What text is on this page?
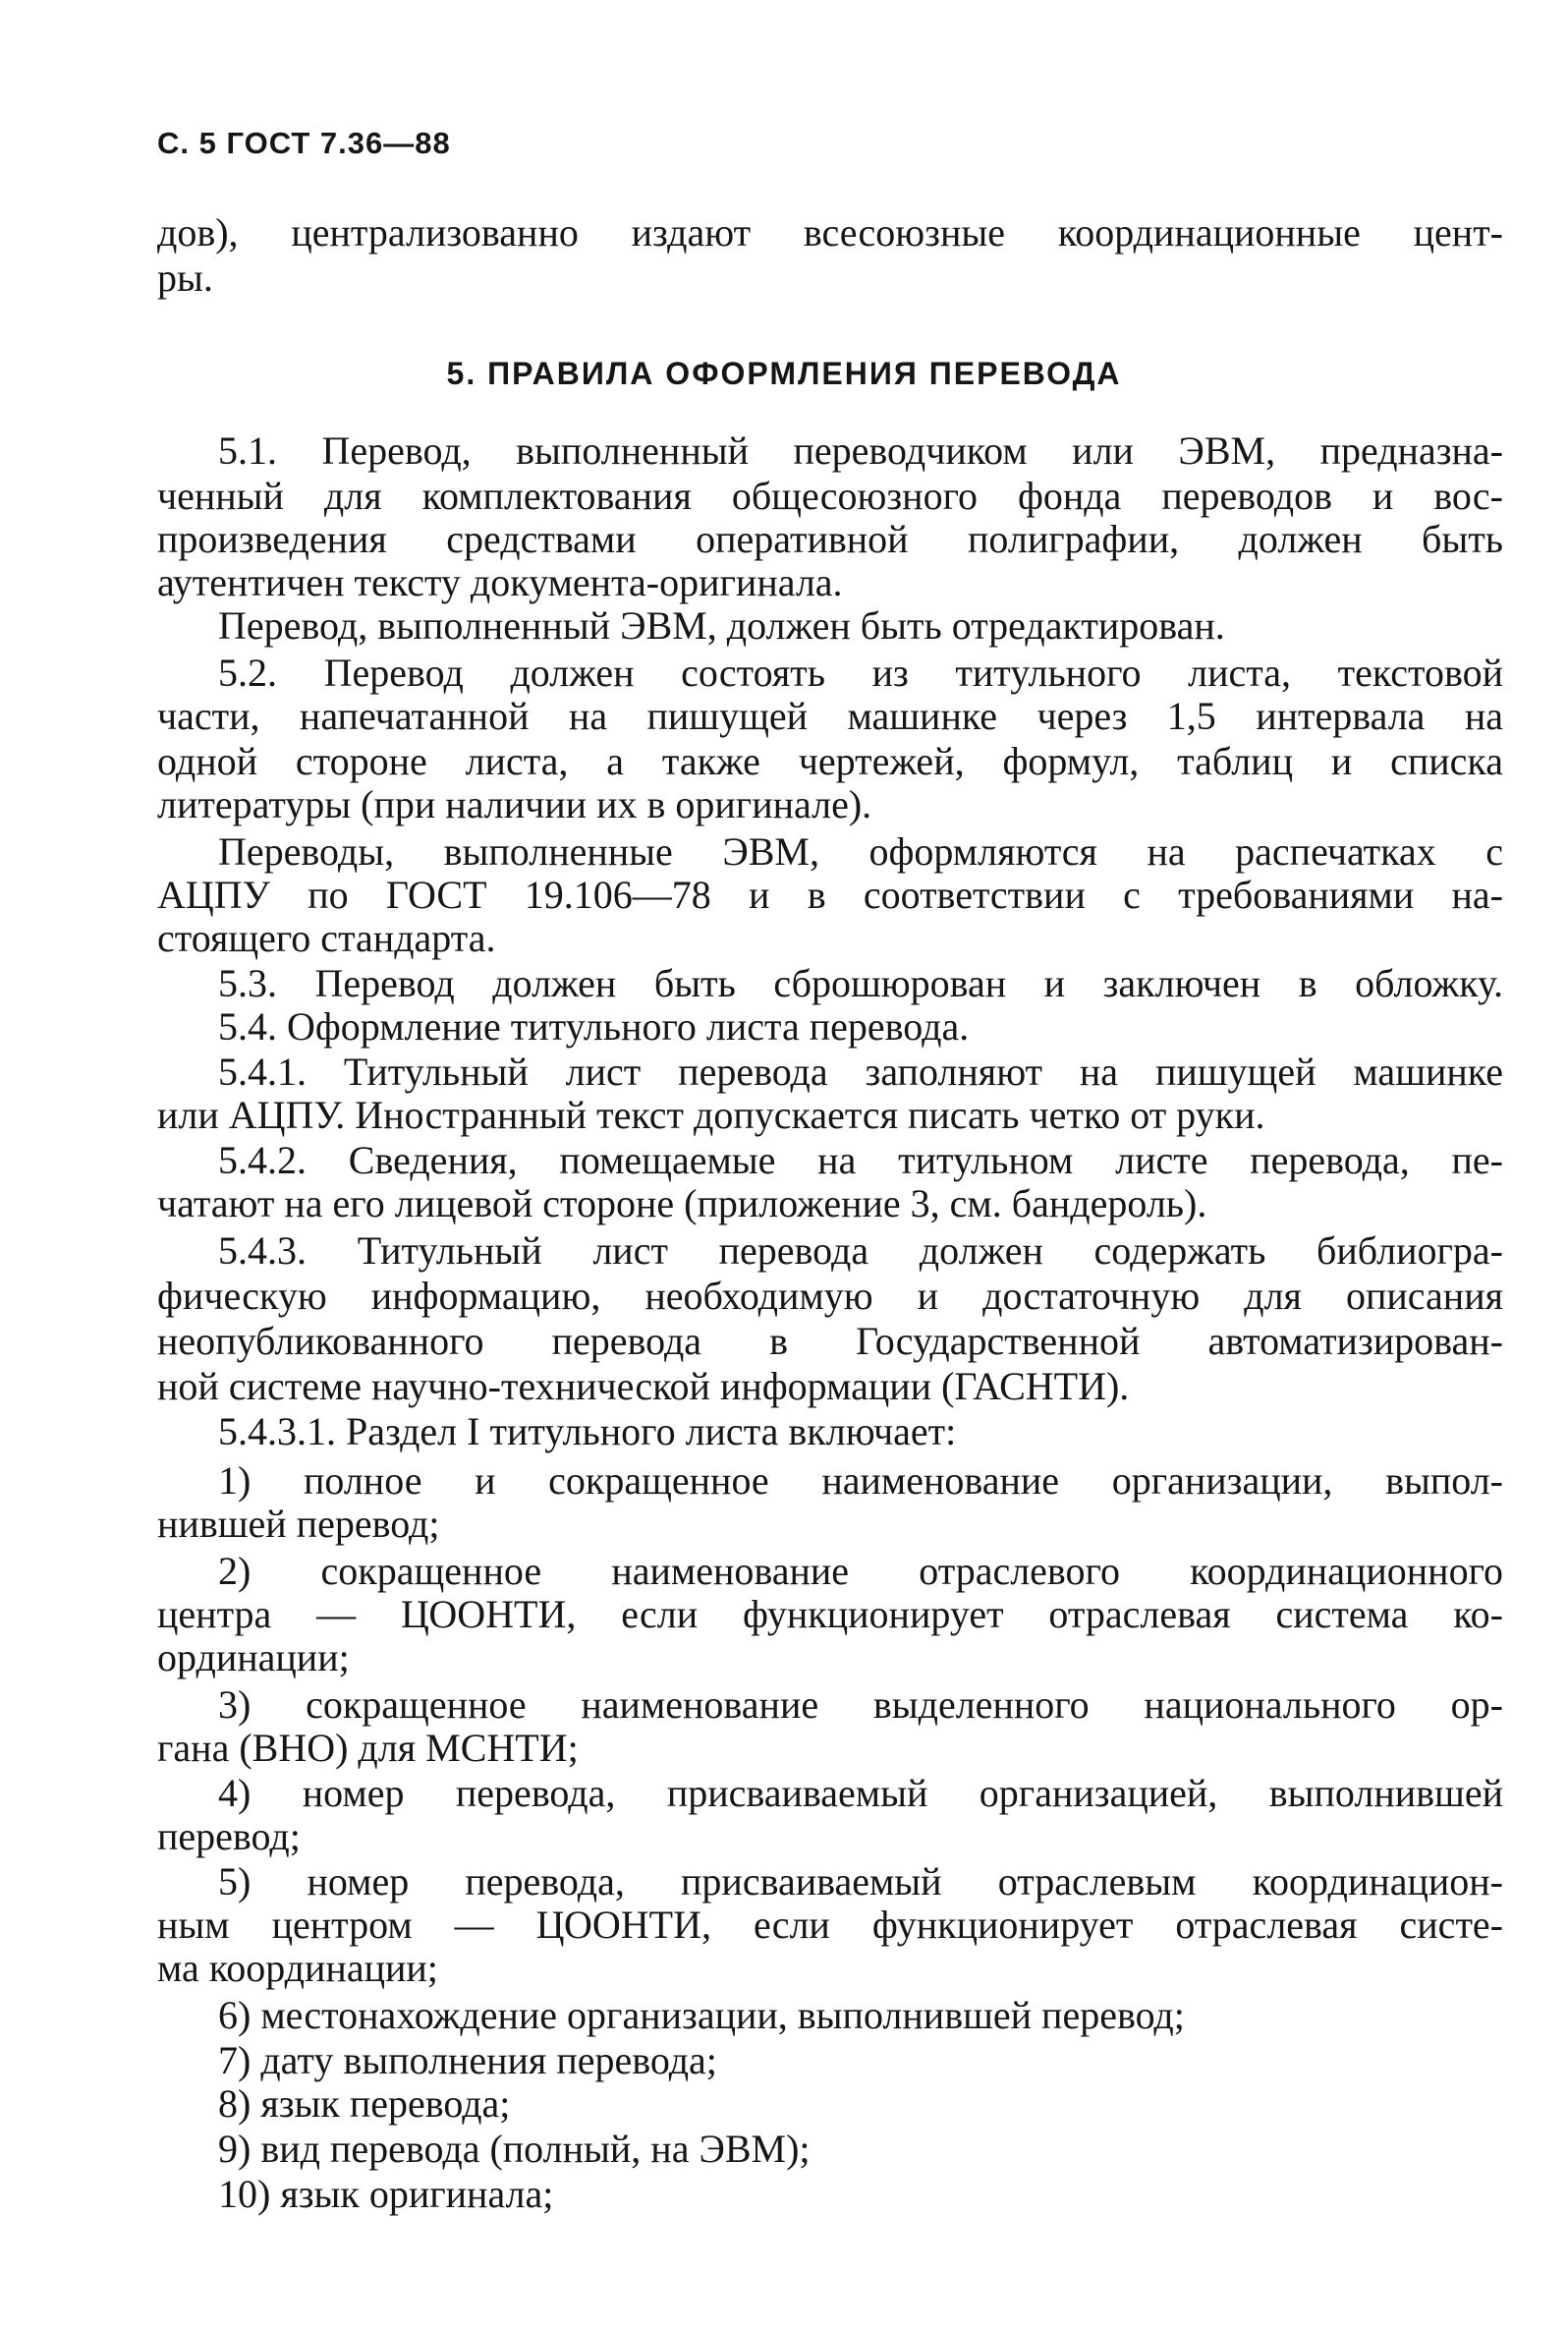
С. 5 ГОСТ 7.36—88
дов), централизованно издают всесоюзные координационные цент-
ры.
5. ПРАВИЛА ОФОРМЛЕНИЯ ПЕРЕВОДА
5.1. Перевод, выполненный переводчиком или ЭВМ, предназна-
ченный для комплектования общесоюзного фонда переводов и вос-
произведения средствами оперативной полиграфии, должен быть
аутентичен тексту документа-оригинала.
Перевод, выполненный ЭВМ, должен быть отредактирован.
5.2. Перевод должен состоять из титульного листа, текстовой
части, напечатанной на пишущей машинке через 1,5 интервала на
одной стороне листа, а также чертежей, формул, таблиц и списка
литературы (при наличии их в оригинале).
Переводы, выполненные ЭВМ, оформляются на распечатках с
АЦПУ по ГОСТ 19.106—78 и в соответствии с требованиями на-
стоящего стандарта.
5.3. Перевод должен быть сброшюрован и заключен в обложку.
5.4. Оформление титульного листа перевода.
5.4.1. Титульный лист перевода заполняют на пишущей машинке
или АЦПУ. Иностранный текст допускается писать четко от руки.
5.4.2. Сведения, помещаемые на титульном листе перевода, пе-
чатают на его лицевой стороне (приложение 3, см. бандероль).
5.4.3. Титульный лист перевода должен содержать библиогра-
фическую информацию, необходимую и достаточную для описания
неопубликованного перевода в Государственной автоматизирован-
ной системе научно-технической информации (ГАСНТИ).
5.4.3.1. Раздел I титульного листа включает:
1) полное и сокращенное наименование организации, выпол-
нившей перевод;
2) сокращенное наименование отраслевого координационного
центра — ЦООНТИ, если функционирует отраслевая система ко-
ординации;
3) сокращенное наименование выделенного национального ор-
гана (ВНО) для МСНТИ;
4) номер перевода, присваиваемый организацией, выполнившей
перевод;
5) номер перевода, присваиваемый отраслевым координацион-
ным центром — ЦООНТИ, если функционирует отраслевая систе-
ма координации;
6) местонахождение организации, выполнившей перевод;
7) дату выполнения перевода;
8) язык перевода;
9) вид перевода (полный, на ЭВМ);
10) язык оригинала;
